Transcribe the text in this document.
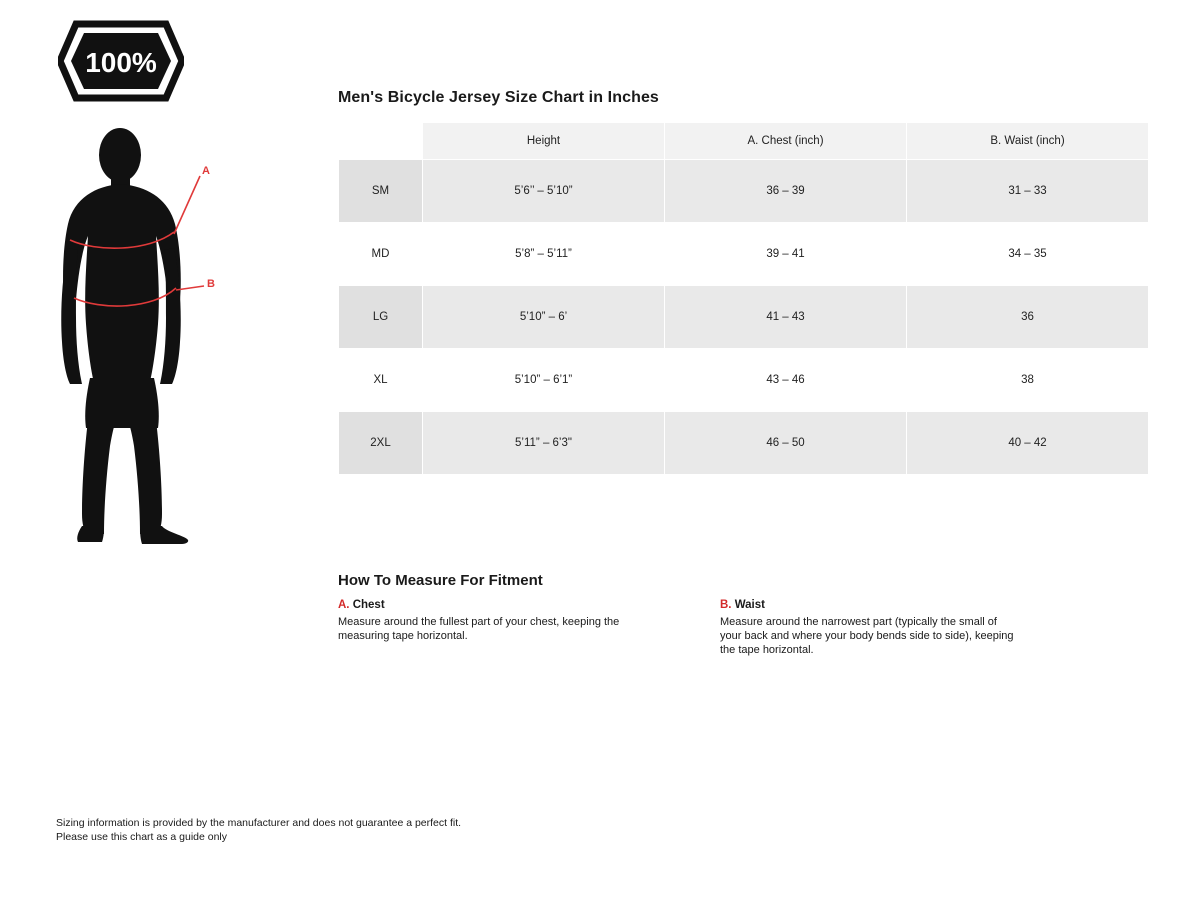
100%
A
B
Men's Bicycle Jersey Size Chart in Inches
	Height	A. Chest (inch)	B. Waist (inch)
SM	5’6’’ – 5’10”	36 – 39	31 – 33
MD	5’8” – 5’11”	39 – 41	34 – 35
LG	5’10” – 6’	41 – 43	36
XL	5’10” – 6’1”	43 – 46	38
2XL	5’11” – 6’3"	46 – 50	40 – 42
How To Measure For Fitment
A. Chest
Measure around the fullest part of your chest, keeping the measuring tape horizontal.
B. Waist
Measure around the narrowest part (typically the small of your back and where your body bends side to side), keeping the tape horizontal.
Sizing information is provided by the manufacturer and does not guarantee a perfect fit.
Please use this chart as a guide only
